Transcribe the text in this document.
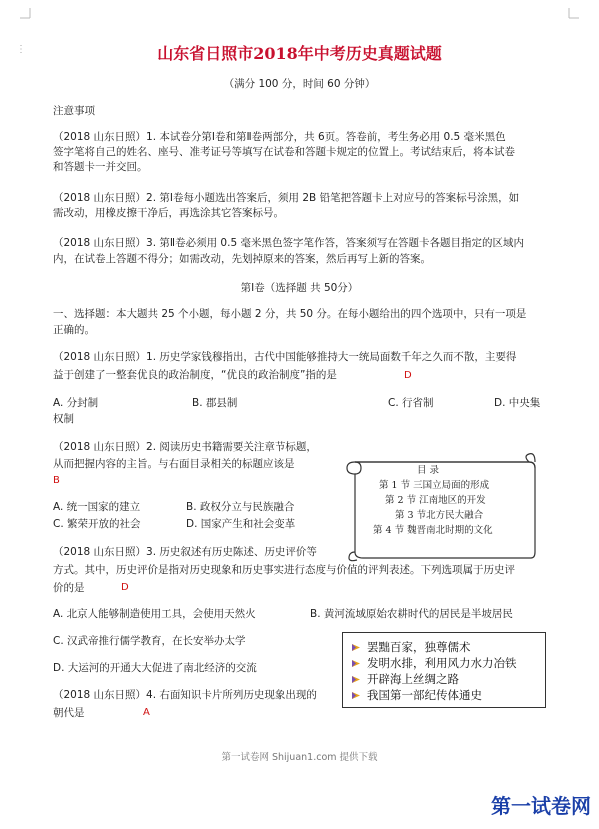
⋮	山东省日照市2018年中考历史真题试题
（满分 100 分，时间 60 分钟）
注意事项
（2018 山东日照）1. 本试卷分第Ⅰ卷和第Ⅱ卷两部分，共 6页。答卷前，考生务必用 0.5 毫米黑色
签字笔将自己的姓名、座号、准考证号等填写在试卷和答题卡规定的位置上。考试结束后，将本试卷
和答题卡一并交回。
（2018 山东日照）2. 第Ⅰ卷每小题选出答案后，须用 2B 铅笔把答题卡上对应号的答案标号涂黑，如
需改动，用橡皮擦干净后，再选涂其它答案标号。
（2018 山东日照）3. 第Ⅱ卷必须用 0.5 毫米黑色签字笔作答，答案须写在答题卡各题目指定的区域内
内，在试卷上答题不得分；如需改动，先划掉原来的答案，然后再写上新的答案。
第Ⅰ卷（选择题 共 50分）
一、选择题：本大题共 25 个小题，每小题 2 分，共 50 分。在每小题给出的四个选项中，只有一项是
正确的。
（2018 山东日照）1. 历史学家钱穆指出，古代中国能够推持大一统局面数千年之久而不散，主要得
益于创建了一整套优良的政治制度，“优良的政治制度”指的是	D
A. 分封制	B. 郡县制	C. 行省制	D. 中央集
权制
（2018 山东日照）2. 阅读历史书籍需要关注章节标题，
从而把握内容的主旨。与右面目录相关的标题应该是
B
A. 统一国家的建立	B. 政权分立与民族融合
C. 繁荣开放的社会	D. 国家产生和社会变革
目 录
第 1 节 三国立局面的形成
第 2 节 江南地区的开发
第 3 节北方民大融合
第 4 节 魏晋南北时期的文化
（2018 山东日照）3. 历史叙述有历史陈述、历史评价等
方式。其中，历史评价是指对历史现象和历史事实进行态度与价值的评判表述。下列选项属于历史评
价的是	D
A. 北京人能够制造使用工具，会使用天然火	B. 黄河流域原始农耕时代的居民是半坡居民
C. 汉武帝推行儒学教育，在长安举办太学
D. 大运河的开通大大促进了南北经济的交流
（2018 山东日照）4. 右面知识卡片所列历史现象出现的
朝代是	A
罢黜百家，独尊儒术
发明水排，利用风力水力冶铁
开辟海上丝绸之路
我国第一部纪传体通史
第一试卷网 Shijuan1.com 提供下载
第一试卷网
